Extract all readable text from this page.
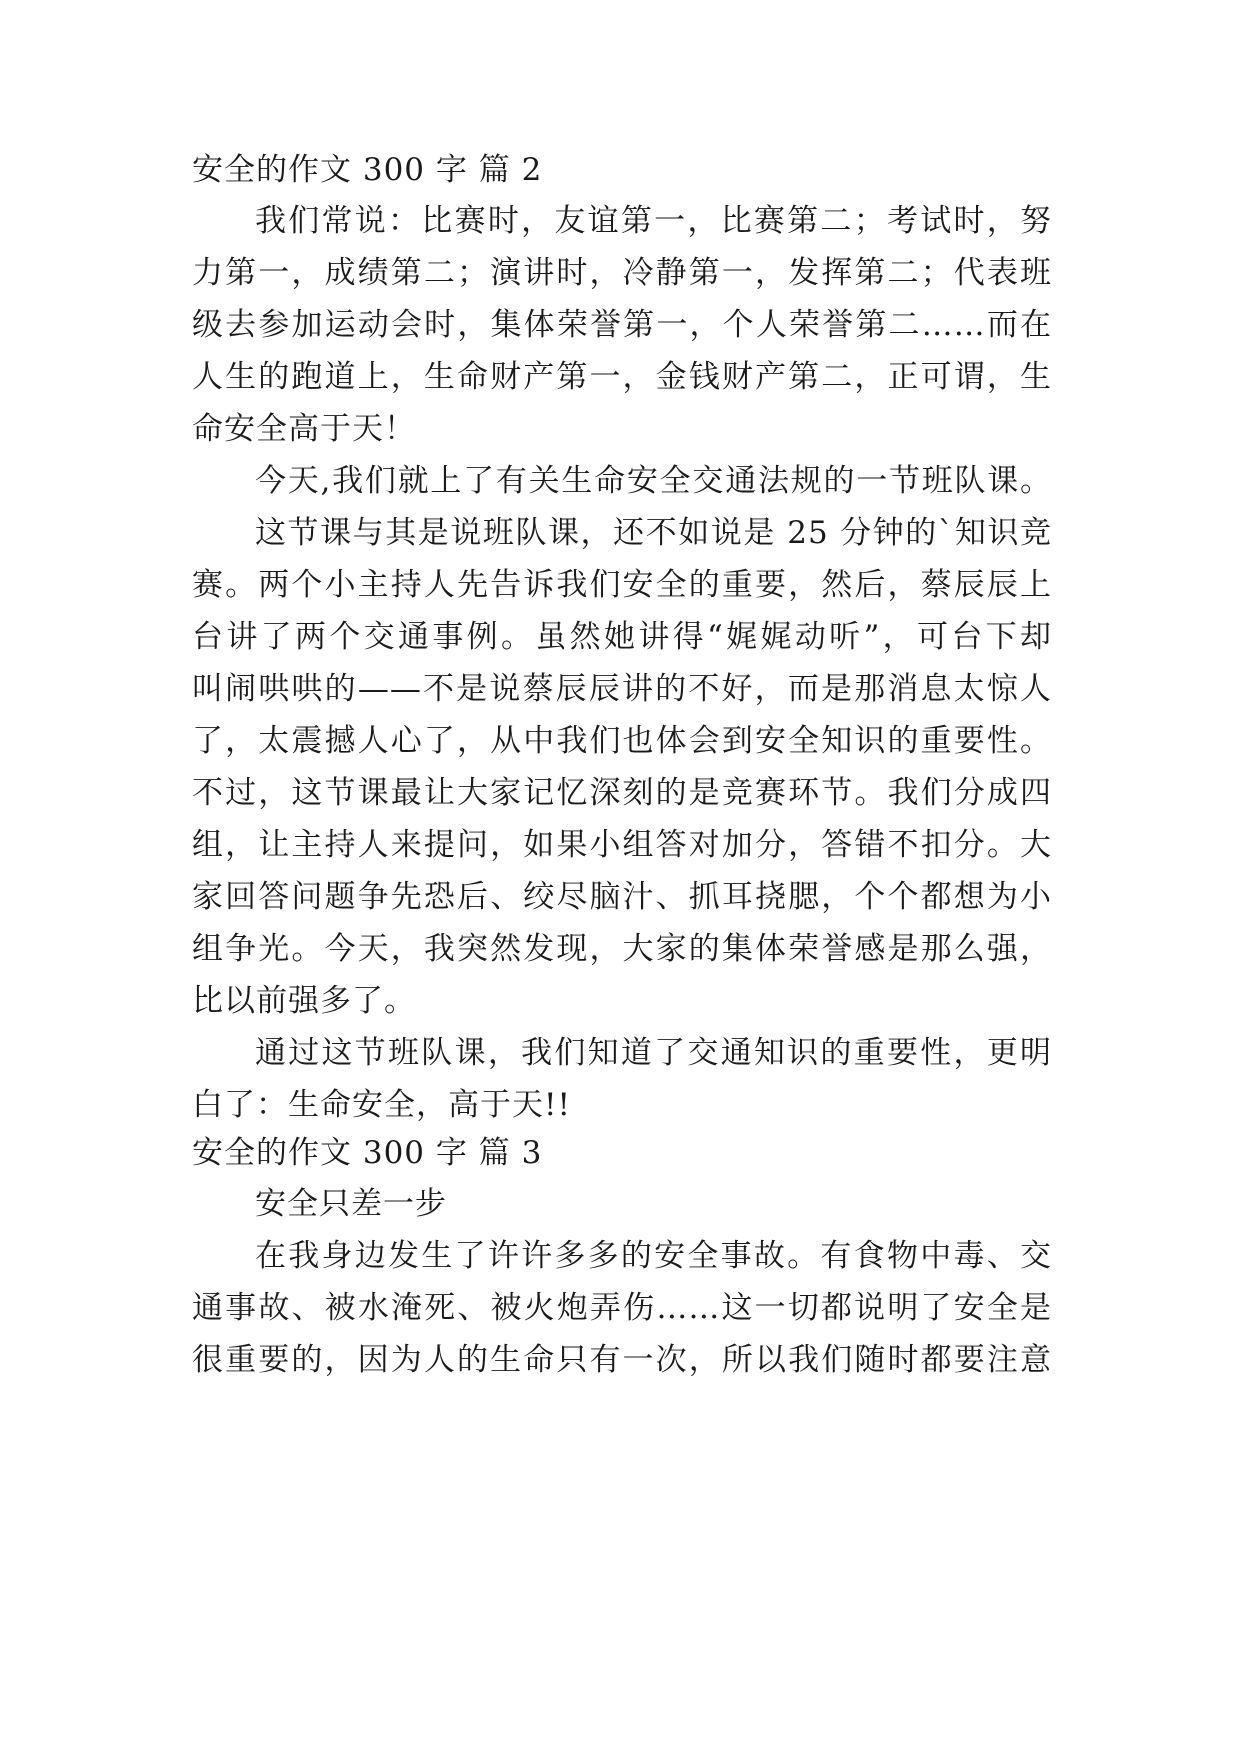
安全的作文 300 字 篇 2
我们常说：比赛时，友谊第一，比赛第二；考试时，努
力第一，成绩第二；演讲时，冷静第一，发挥第二；代表班
级去参加运动会时，集体荣誉第一，个人荣誉第二……而在
人生的跑道上，生命财产第一，金钱财产第二，正可谓，生
命安全高于天！
今天,我们就上了有关生命安全交通法规的一节班队课。
这节课与其是说班队课，还不如说是 25 分钟的`知识竞
赛。两个小主持人先告诉我们安全的重要，然后，蔡辰辰上
台讲了两个交通事例。虽然她讲得“娓娓动听”，可台下却
叫闹哄哄的——不是说蔡辰辰讲的不好，而是那消息太惊人
了，太震撼人心了，从中我们也体会到安全知识的重要性。
不过，这节课最让大家记忆深刻的是竞赛环节。我们分成四
组，让主持人来提问，如果小组答对加分，答错不扣分。大
家回答问题争先恐后、绞尽脑汁、抓耳挠腮，个个都想为小
组争光。今天，我突然发现，大家的集体荣誉感是那么强，
比以前强多了。
通过这节班队课，我们知道了交通知识的重要性，更明
白了：生命安全，高于天!!
安全的作文 300 字 篇 3
安全只差一步
在我身边发生了许许多多的安全事故。有食物中毒、交
通事故、被水淹死、被火炮弄伤……这一切都说明了安全是
很重要的，因为人的生命只有一次，所以我们随时都要注意
